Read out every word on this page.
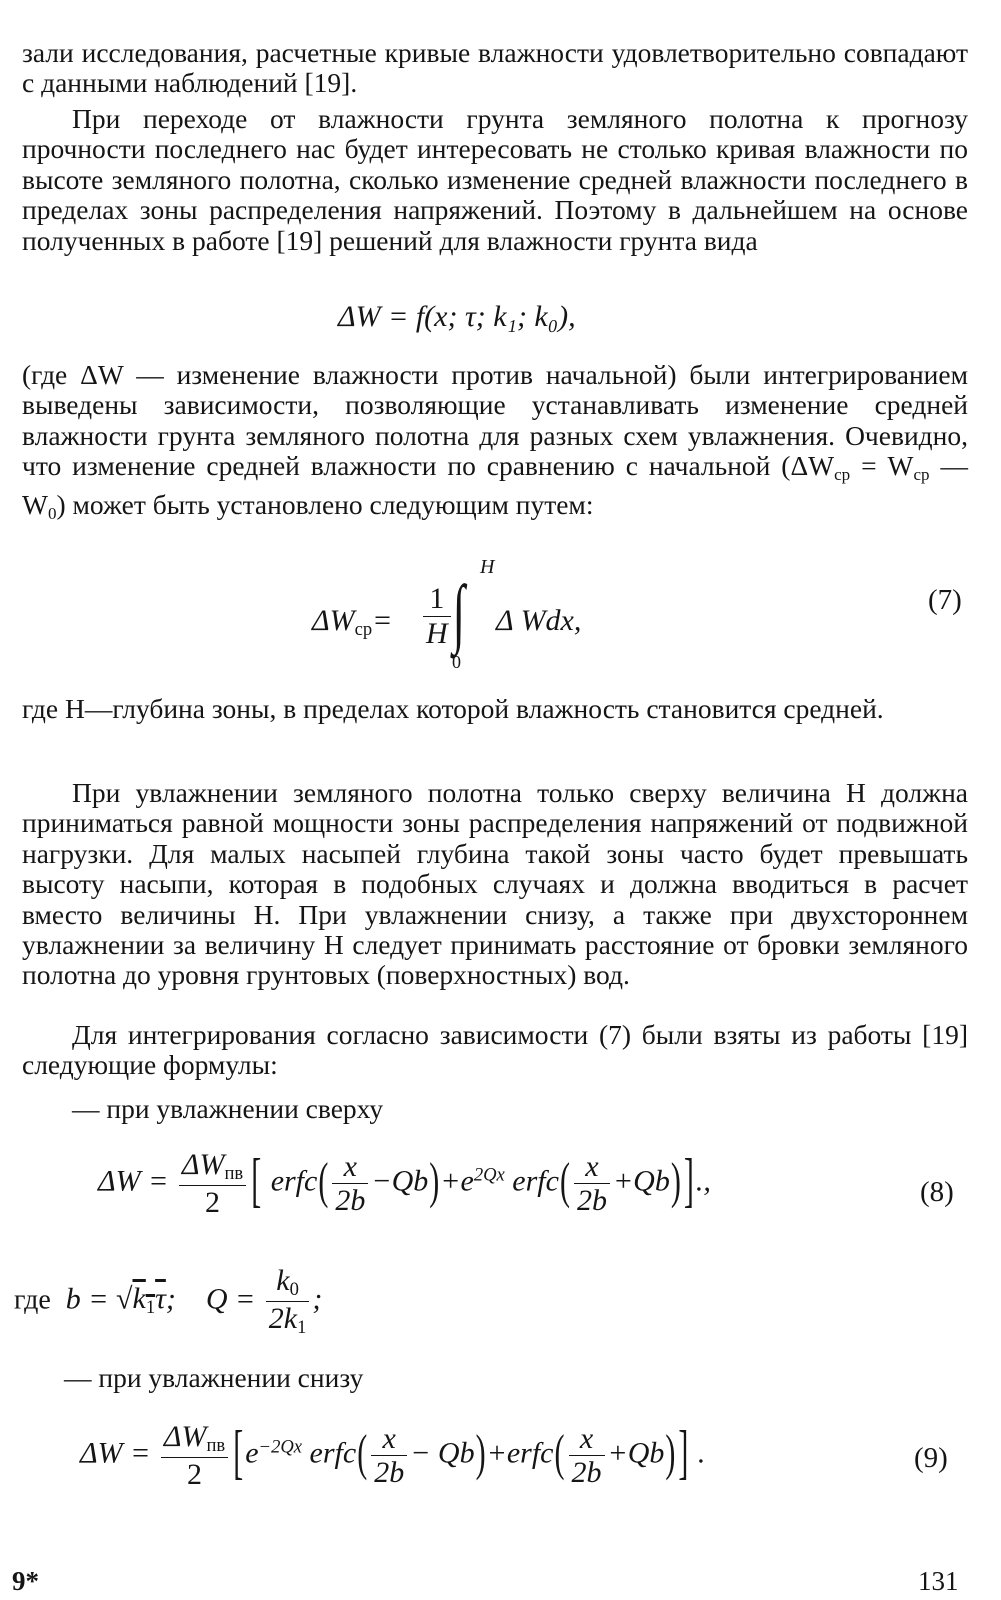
зали исследования, расчетные кривые влажности удовлетворительно совпадают с данными наблюдений [19].

При переходе от влажности грунта земляного полотна к прогнозу прочности последнего нас будет интересовать не столько кривая влажности по высоте земляного полотна, сколько изменение средней влажности последнего в пределах зоны распределения напряжений. Поэтому в дальнейшем на основе полученных в работе [19] решений для влажности грунта вида

ΔW = f(x; τ; k₁; k₀),

(где ΔW — изменение влажности против начальной) были интегрированием выведены зависимости, позволяющие устанавливать изменение средней влажности грунта земляного полотна для разных схем увлажнения. Очевидно, что изменение средней влажности по сравнению с начальной ($\Delta W_{ср} = W_{ср}$ — $W_0$) может быть установлено следующим путем:

$\Delta W_{ср}= \frac{1}{H}$ ∫
H
0
Δ Wdx,
(7)

где H—глубина зоны, в пределах которой влажность становится средней.

При увлажнении земляного полотна только сверху величина H должна приниматься равной мощности зоны распределения напряжений от подвижной нагрузки. Для малых насыпей глубина такой зоны часто будет превышать высоту насыпи, которая в подобных случаях и должна вводиться в расчет вместо величины H. При увлажнении снизу, а также при двухстороннем увлажнении за величину H следует принимать расстояние от бровки земляного полотна до уровня грунтовых (поверхностных) вод.

Для интегрирования согласно зависимости (7) были взяты из работы [19] следующие формулы:

— при увлажнении сверху
$\Delta W = \frac{\Delta W_{пв}}{2}$ [ erfc( $\frac{x}{2b} -Qb)+e^{2Qx}$ erfc( $\frac{x}{2b} +Qb$) ].,	(8)
где  $b = √k_1\tau$;    $Q = \frac{k_0}{2k_1}$ ;
— при увлажнении снизу
$\Delta W = \frac{\Delta W_{пв}}{2} [e^{-2Qx}$ erfc( $\frac{x}{2b}$ − Qb)+erfc( $\frac{x}{2b} +Qb$) ] .	(9)
9*	131
